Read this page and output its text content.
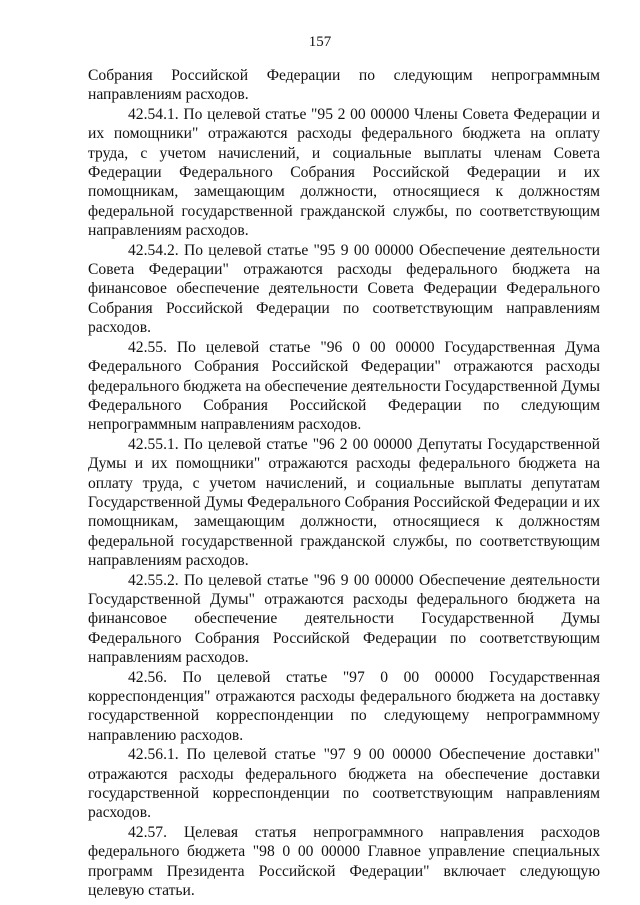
157

Собрания Российской Федерации по следующим непрограммным направлениям расходов.

42.54.1. По целевой статье "95 2 00 00000 Члены Совета Федерации и их помощники" отражаются расходы федерального бюджета на оплату труда, с учетом начислений, и социальные выплаты членам Совета Федерации Федерального Собрания Российской Федерации и их помощникам, замещающим должности, относящиеся к должностям федеральной государственной гражданской службы, по соответствующим направлениям расходов.

42.54.2. По целевой статье "95 9 00 00000 Обеспечение деятельности Совета Федерации" отражаются расходы федерального бюджета на финансовое обеспечение деятельности Совета Федерации Федерального Собрания Российской Федерации по соответствующим направлениям расходов.

42.55. По целевой статье "96 0 00 00000 Государственная Дума Федерального Собрания Российской Федерации" отражаются расходы федерального бюджета на обеспечение деятельности Государственной Думы Федерального Собрания Российской Федерации по следующим непрограммным направлениям расходов.

42.55.1. По целевой статье "96 2 00 00000 Депутаты Государственной Думы и их помощники" отражаются расходы федерального бюджета на оплату труда, с учетом начислений, и социальные выплаты депутатам Государственной Думы Федерального Собрания Российской Федерации и их помощникам, замещающим должности, относящиеся к должностям федеральной государственной гражданской службы, по соответствующим направлениям расходов.

42.55.2. По целевой статье "96 9 00 00000 Обеспечение деятельности Государственной Думы" отражаются расходы федерального бюджета на финансовое обеспечение деятельности Государственной Думы Федерального Собрания Российской Федерации по соответствующим направлениям расходов.

42.56. По целевой статье "97 0 00 00000 Государственная корреспонденция" отражаются расходы федерального бюджета на доставку государственной корреспонденции по следующему непрограммному направлению расходов.

42.56.1. По целевой статье "97 9 00 00000 Обеспечение доставки" отражаются расходы федерального бюджета на обеспечение доставки государственной корреспонденции по соответствующим направлениям расходов.

42.57. Целевая статья непрограммного направления расходов федерального бюджета "98 0 00 00000 Главное управление специальных программ Президента Российской Федерации" включает следующую целевую статьи.
